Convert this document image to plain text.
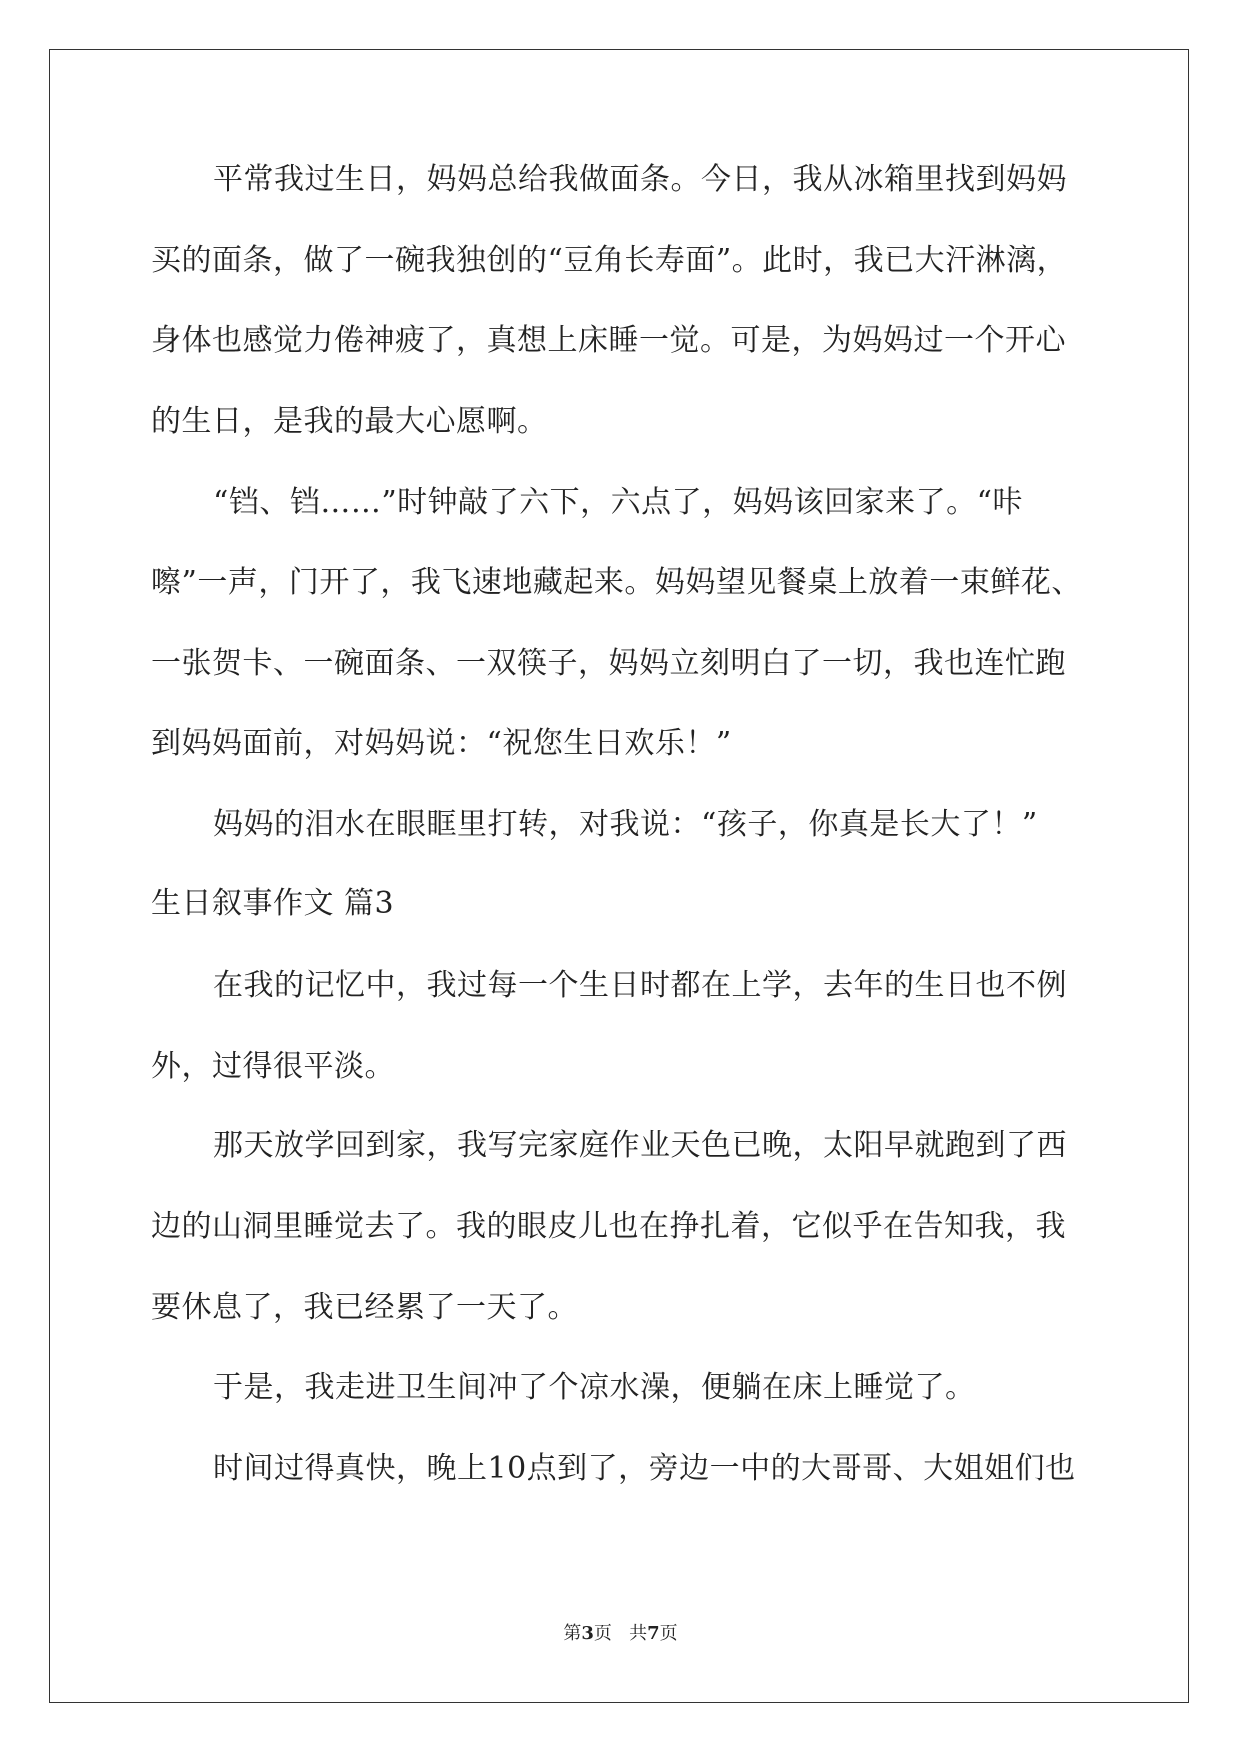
平常我过生日，妈妈总给我做面条。今日，我从冰箱里找到妈妈
买的面条，做了一碗我独创的“豆角长寿面”。此时，我已大汗淋漓，
身体也感觉力倦神疲了，真想上床睡一觉。可是，为妈妈过一个开心
的生日，是我的最大心愿啊。
“铛、铛……”时钟敲了六下，六点了，妈妈该回家来了。“咔
嚓”一声，门开了，我飞速地藏起来。妈妈望见餐桌上放着一束鲜花、
一张贺卡、一碗面条、一双筷子，妈妈立刻明白了一切，我也连忙跑
到妈妈面前，对妈妈说：“祝您生日欢乐！”
妈妈的泪水在眼眶里打转，对我说：“孩子，你真是长大了！”
生日叙事作文 篇3
在我的记忆中，我过每一个生日时都在上学，去年的生日也不例
外，过得很平淡。
那天放学回到家，我写完家庭作业天色已晚，太阳早就跑到了西
边的山洞里睡觉去了。我的眼皮儿也在挣扎着，它似乎在告知我，我
要休息了，我已经累了一天了。
于是，我走进卫生间冲了个凉水澡，便躺在床上睡觉了。
时间过得真快，晚上10点到了，旁边一中的大哥哥、大姐姐们也
第3页 共7页
